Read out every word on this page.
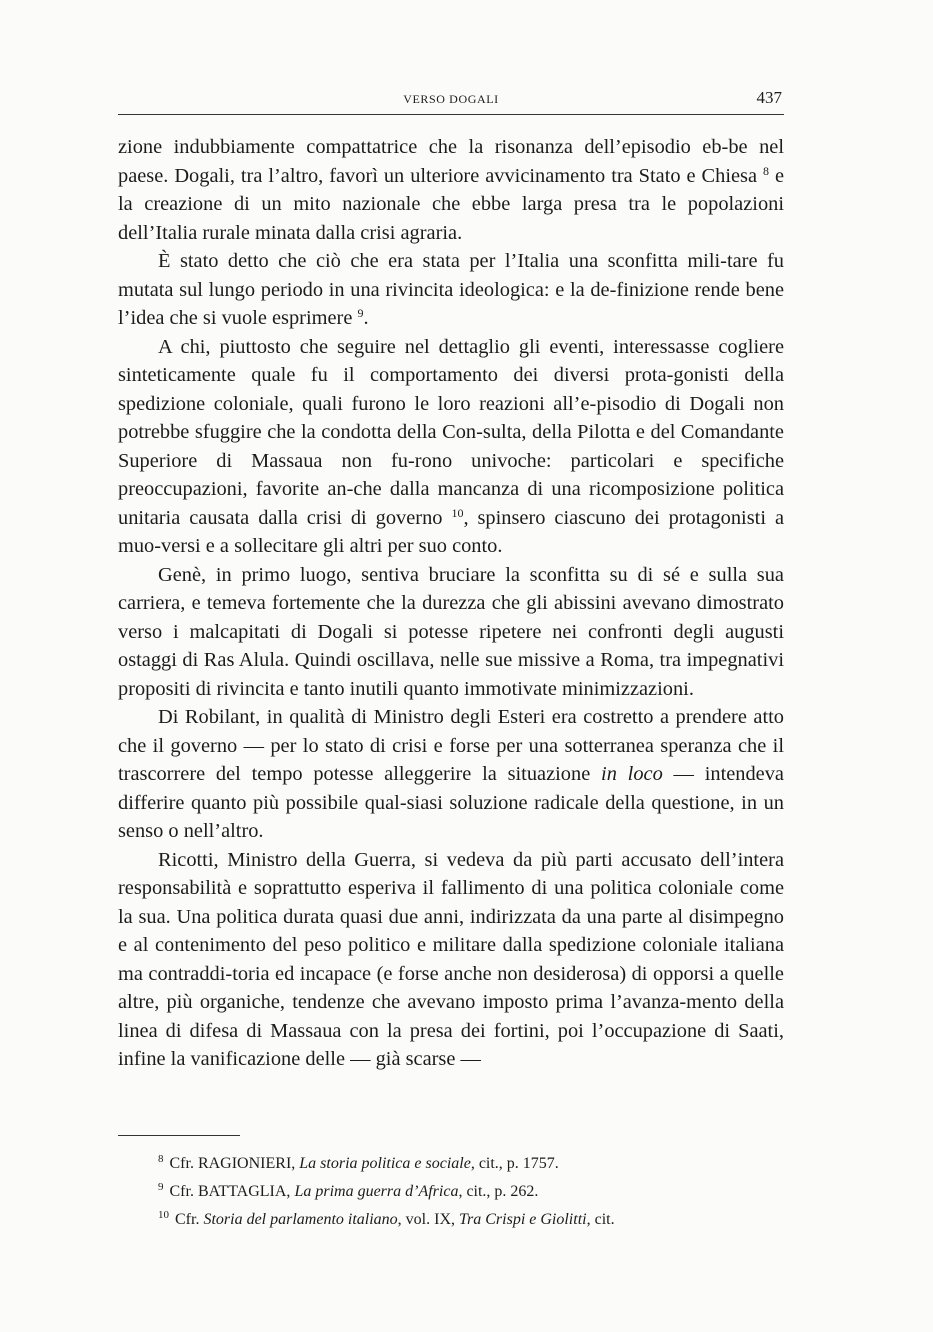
VERSO DOGALI	437

zione indubbiamente compattatrice che la risonanza dell’episodio eb-be nel paese. Dogali, tra l’altro, favorì un ulteriore avvicinamento tra Stato e Chiesa $^8$ e la creazione di un mito nazionale che ebbe larga presa tra le popolazioni dell’Italia rurale minata dalla crisi agraria.

È stato detto che ciò che era stata per l’Italia una sconfitta mili-tare fu mutata sul lungo periodo in una rivincita ideologica: e la de-finizione rende bene l’idea che si vuole esprimere $^9$.

A chi, piuttosto che seguire nel dettaglio gli eventi, interessasse cogliere sinteticamente quale fu il comportamento dei diversi prota-gonisti della spedizione coloniale, quali furono le loro reazioni all’e-pisodio di Dogali non potrebbe sfuggire che la condotta della Con-sulta, della Pilotta e del Comandante Superiore di Massaua non fu-rono univoche: particolari e specifiche preoccupazioni, favorite an-che dalla mancanza di una ricomposizione politica unitaria causata dalla crisi di governo $^{10}$, spinsero ciascuno dei protagonisti a muo-versi e a sollecitare gli altri per suo conto.

Genè, in primo luogo, sentiva bruciare la sconfitta su di sé e sulla sua carriera, e temeva fortemente che la durezza che gli abissini avevano dimostrato verso i malcapitati di Dogali si potesse ripetere nei confronti degli augusti ostaggi di Ras Alula. Quindi oscillava, nelle sue missive a Roma, tra impegnativi propositi di rivincita e tanto inutili quanto immotivate minimizzazioni.

Di Robilant, in qualità di Ministro degli Esteri era costretto a prendere atto che il governo — per lo stato di crisi e forse per una sotterranea speranza che il trascorrere del tempo potesse alleggerire la situazione in loco — intendeva differire quanto più possibile qual-siasi soluzione radicale della questione, in un senso o nell’altro.

Ricotti, Ministro della Guerra, si vedeva da più parti accusato dell’intera responsabilità e soprattutto esperiva il fallimento di una politica coloniale come la sua. Una politica durata quasi due anni, indirizzata da una parte al disimpegno e al contenimento del peso politico e militare dalla spedizione coloniale italiana ma contraddi-toria ed incapace (e forse anche non desiderosa) di opporsi a quelle altre, più organiche, tendenze che avevano imposto prima l’avanza-mento della linea di difesa di Massaua con la presa dei fortini, poi l’occupazione di Saati, infine la vanificazione delle — già scarse —

$^8$ Cfr. RAGIONIERI, La storia politica e sociale, cit., p. 1757.
$^9$ Cfr. BATTAGLIA, La prima guerra d’Africa, cit., p. 262.
$^{10}$ Cfr. Storia del parlamento italiano, vol. IX, Tra Crispi e Giolitti, cit.
